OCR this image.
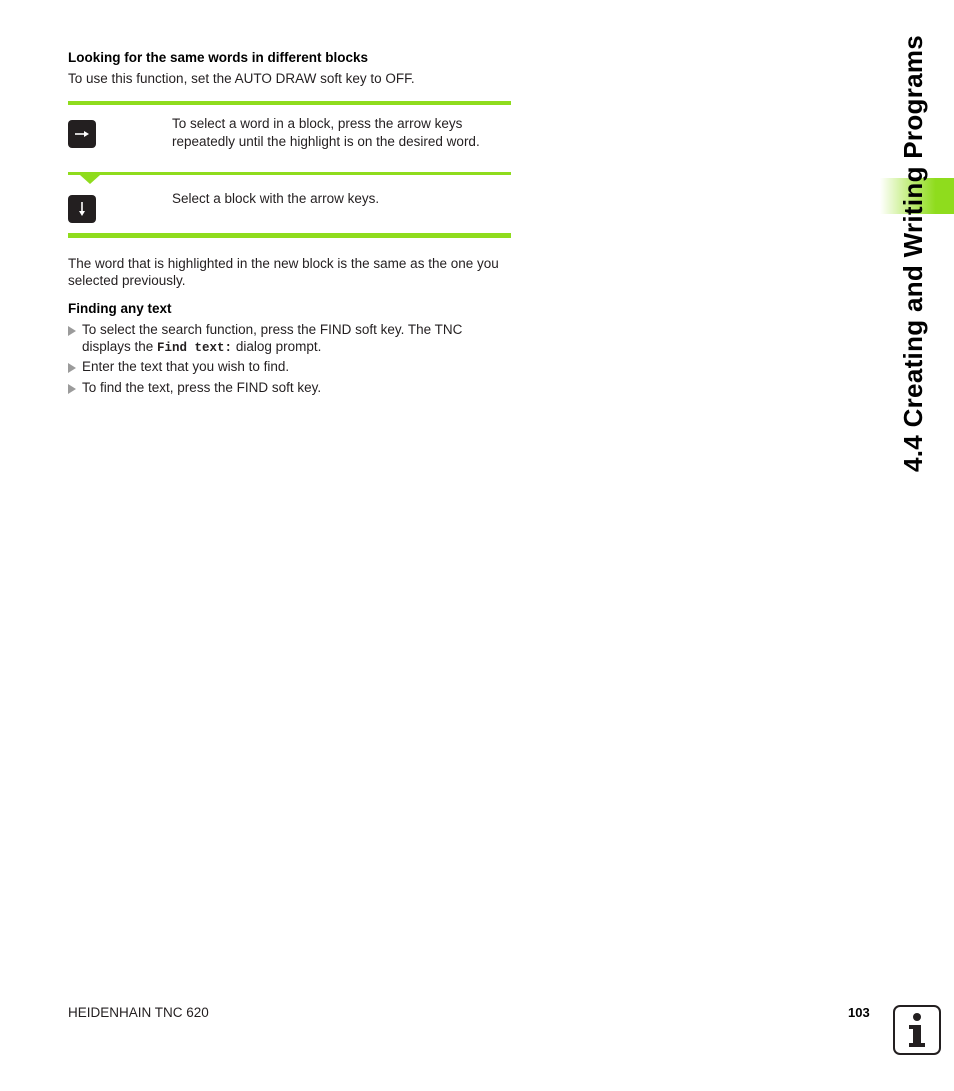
Looking for the same words in different blocks
To use this function, set the AUTO DRAW soft key to OFF.
To select a word in a block, press the arrow keys repeatedly until the highlight is on the desired word.
Select a block with the arrow keys.
The word that is highlighted in the new block is the same as the one you selected previously.
Finding any text
To select the search function, press the FIND soft key. The TNC displays the Find text: dialog prompt.
Enter the text that you wish to find.
To find the text, press the FIND soft key.	4.4 Creating and Writing Programs
HEIDENHAIN TNC 620	103
